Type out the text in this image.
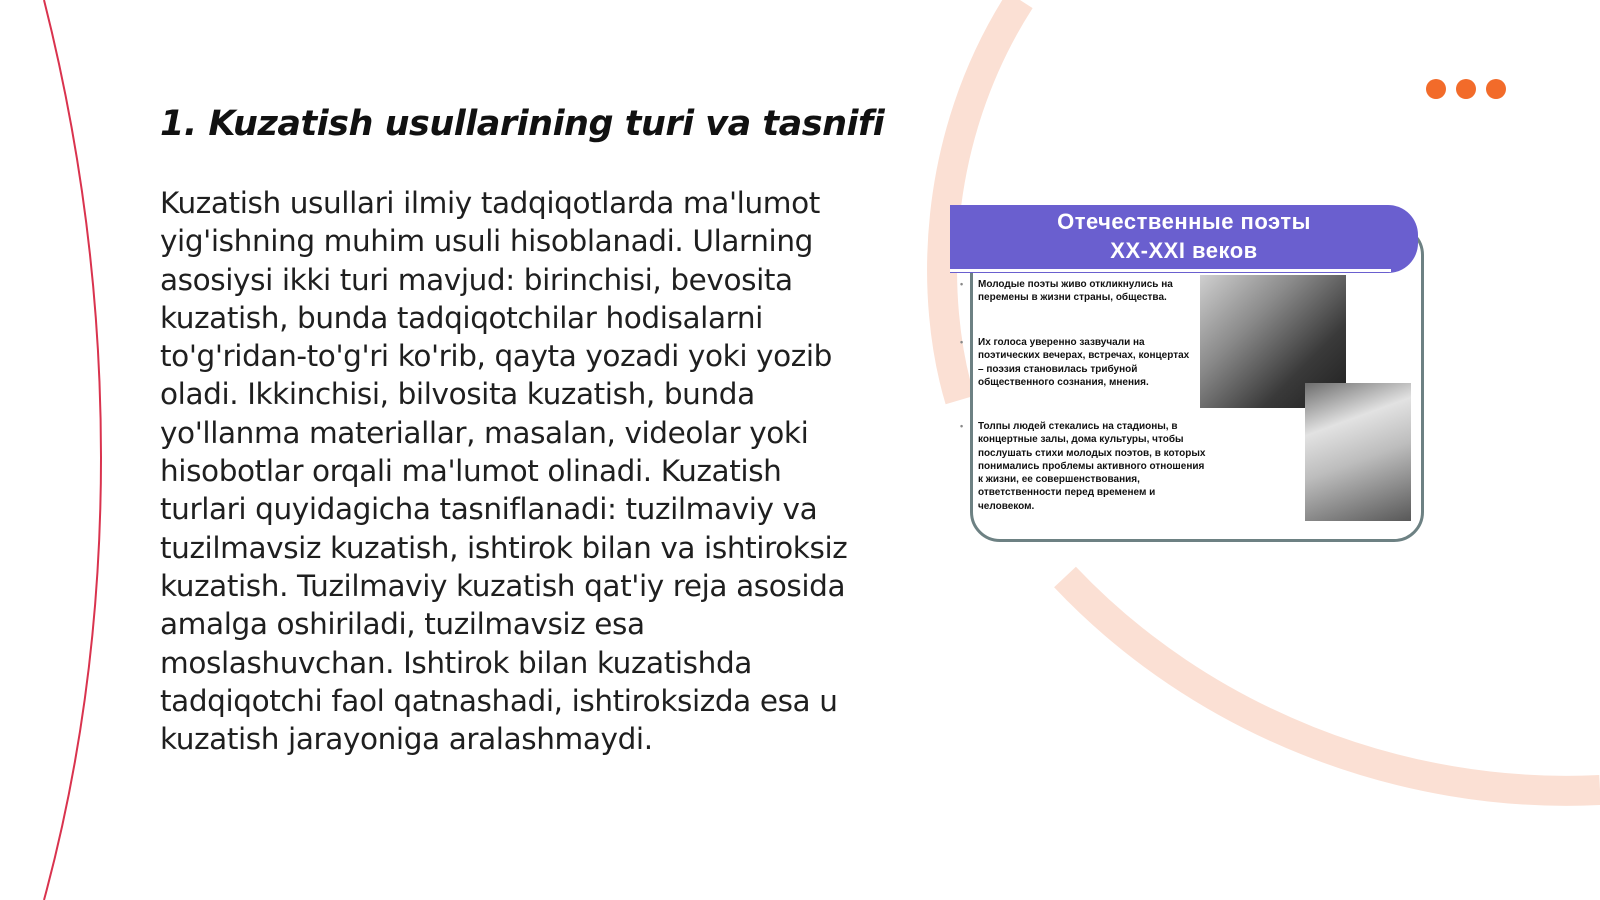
1. Kuzatish usullarining turi va tasnifi

Kuzatish usullari ilmiy tadqiqotlarda ma'lumot yig'ishning muhim usuli hisoblanadi. Ularning asosiysi ikki turi mavjud: birinchisi, bevosita kuzatish, bunda tadqiqotchilar hodisalarni to'g'ridan-to'g'ri ko'rib, qayta yozadi yoki yozib oladi. Ikkinchisi, bilvosita kuzatish, bunda yo'llanma materiallar, masalan, videolar yoki hisobotlar orqali ma'lumot olinadi. Kuzatish turlari quyidagicha tasniflanadi: tuzilmaviy va tuzilmavsiz kuzatish, ishtirok bilan va ishtiroksiz kuzatish. Tuzilmaviy kuzatish qat'iy reja asosida amalga oshiriladi, tuzilmavsiz esa moslashuvchan. Ishtirok bilan kuzatishda tadqiqotchi faol qatnashadi, ishtiroksizda esa u kuzatish jarayoniga aralashmaydi.

Отечественные поэты
XX-XXI веков
• Молодые поэты живо откликнулись на перемены в жизни страны, общества.
• Их голоса уверенно зазвучали на поэтических вечерах, встречах, концертах – поэзия становилась трибуной общественного сознания, мнения.
• Толпы людей стекались на стадионы, в концертные залы, дома культуры, чтобы послушать стихи молодых поэтов, в которых понимались проблемы активного отношения к жизни, ее совершенствования, ответственности перед временем и человеком.
